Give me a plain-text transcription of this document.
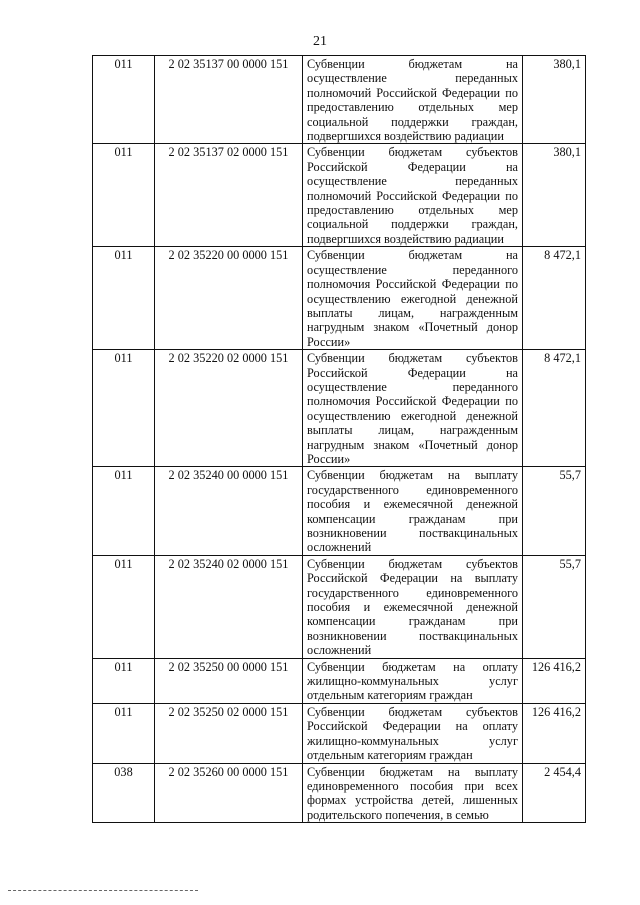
21
011	2 02 35137 00 0000 151	Субвенции бюджетам на осуществление переданных полномочий Российской Федерации по предоставлению отдельных мер социальной поддержки граждан, подвергшихся воздействию радиации	380,1
011	2 02 35137 02 0000 151	Субвенции бюджетам субъектов Российской Федерации на осуществление переданных полномочий Российской Федерации по предоставлению отдельных мер социальной поддержки граждан, подвергшихся воздействию радиации	380,1
011	2 02 35220 00 0000 151	Субвенции бюджетам на осуществление переданного полномочия Российской Федерации по осуществлению ежегодной денежной выплаты лицам, награжденным нагрудным знаком «Почетный донор России»	8 472,1
011	2 02 35220 02 0000 151	Субвенции бюджетам субъектов Российской Федерации на осуществление переданного полномочия Российской Федерации по осуществлению ежегодной денежной выплаты лицам, награжденным нагрудным знаком «Почетный донор России»	8 472,1
011	2 02 35240 00 0000 151	Субвенции бюджетам на выплату государственного единовременного пособия и ежемесячной денежной компенсации гражданам при возникновении поствакцинальных осложнений	55,7
011	2 02 35240 02 0000 151	Субвенции бюджетам субъектов Российской Федерации на выплату государственного единовременного пособия и ежемесячной денежной компенсации гражданам при возникновении поствакцинальных осложнений	55,7
011	2 02 35250 00 0000 151	Субвенции бюджетам на оплату жилищно-коммунальных услуг отдельным категориям граждан	126 416,2
011	2 02 35250 02 0000 151	Субвенции бюджетам субъектов Российской Федерации на оплату жилищно-коммунальных услуг отдельным категориям граждан	126 416,2
038	2 02 35260 00 0000 151	Субвенции бюджетам на выплату единовременного пособия при всех формах устройства детей, лишенных родительского попечения, в семью	2 454,4
